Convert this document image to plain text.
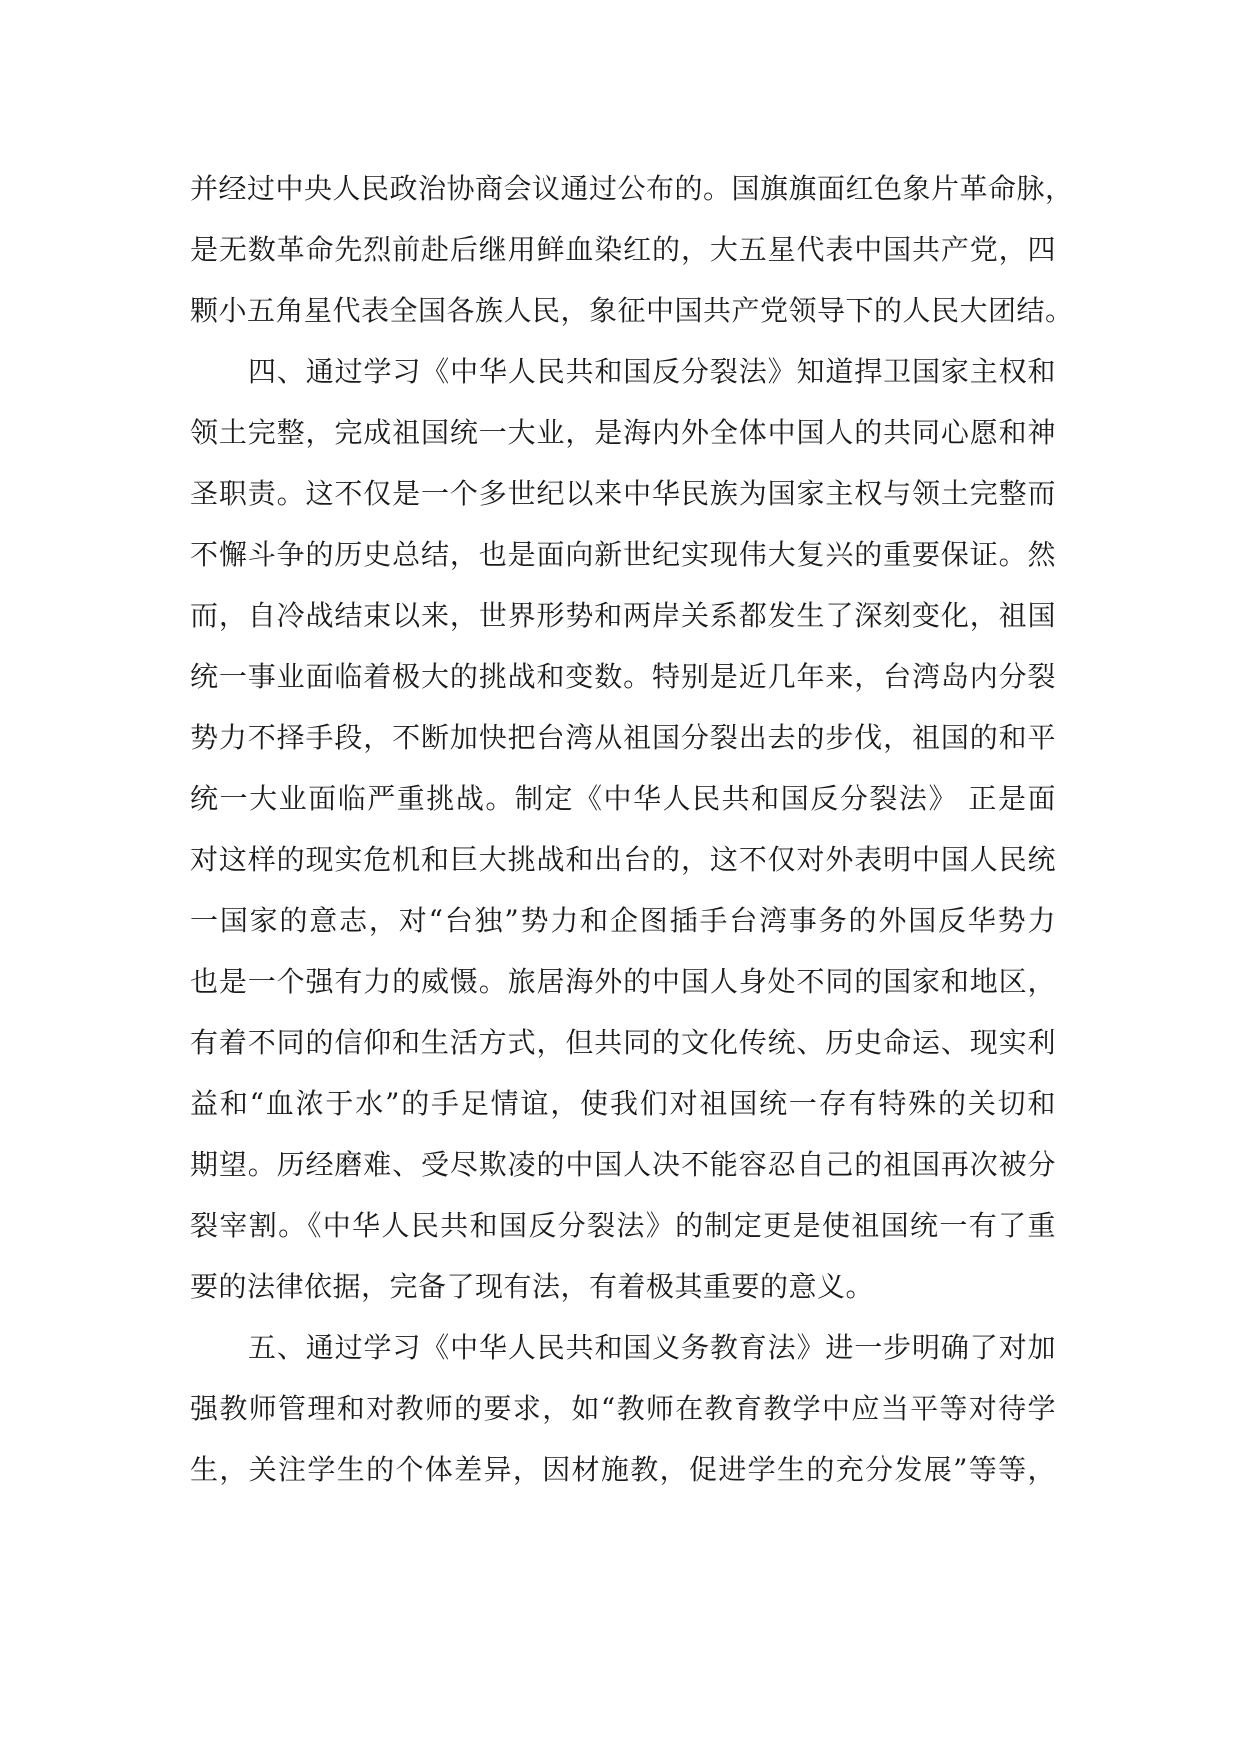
并经过中央人民政治协商会议通过公布的。国旗旗面红色象片革命脉，
是无数革命先烈前赴后继用鲜血染红的，大五星代表中国共产党，四
颗小五角星代表全国各族人民，象征中国共产党领导下的人民大团结。
四、通过学习《中华人民共和国反分裂法》知道捍卫国家主权和
领土完整，完成祖国统一大业，是海内外全体中国人的共同心愿和神
圣职责。这不仅是一个多世纪以来中华民族为国家主权与领土完整而
不懈斗争的历史总结，也是面向新世纪实现伟大复兴的重要保证。然
而，自冷战结束以来，世界形势和两岸关系都发生了深刻变化，祖国
统一事业面临着极大的挑战和变数。特别是近几年来，台湾岛内分裂
势力不择手段，不断加快把台湾从祖国分裂出去的步伐，祖国的和平
统一大业面临严重挑战。制定《中华人民共和国反分裂法》 正是面
对这样的现实危机和巨大挑战和出台的，这不仅对外表明中国人民统
一国家的意志，对“台独”势力和企图插手台湾事务的外国反华势力
也是一个强有力的威慑。旅居海外的中国人身处不同的国家和地区，
有着不同的信仰和生活方式，但共同的文化传统、历史命运、现实利
益和“血浓于水”的手足情谊，使我们对祖国统一存有特殊的关切和
期望。历经磨难、受尽欺凌的中国人决不能容忍自己的祖国再次被分
裂宰割。《中华人民共和国反分裂法》的制定更是使祖国统一有了重
要的法律依据，完备了现有法，有着极其重要的意义。
五、通过学习《中华人民共和国义务教育法》进一步明确了对加
强教师管理和对教师的要求，如“教师在教育教学中应当平等对待学
生，关注学生的个体差异，因材施教，促进学生的充分发展”等等，
